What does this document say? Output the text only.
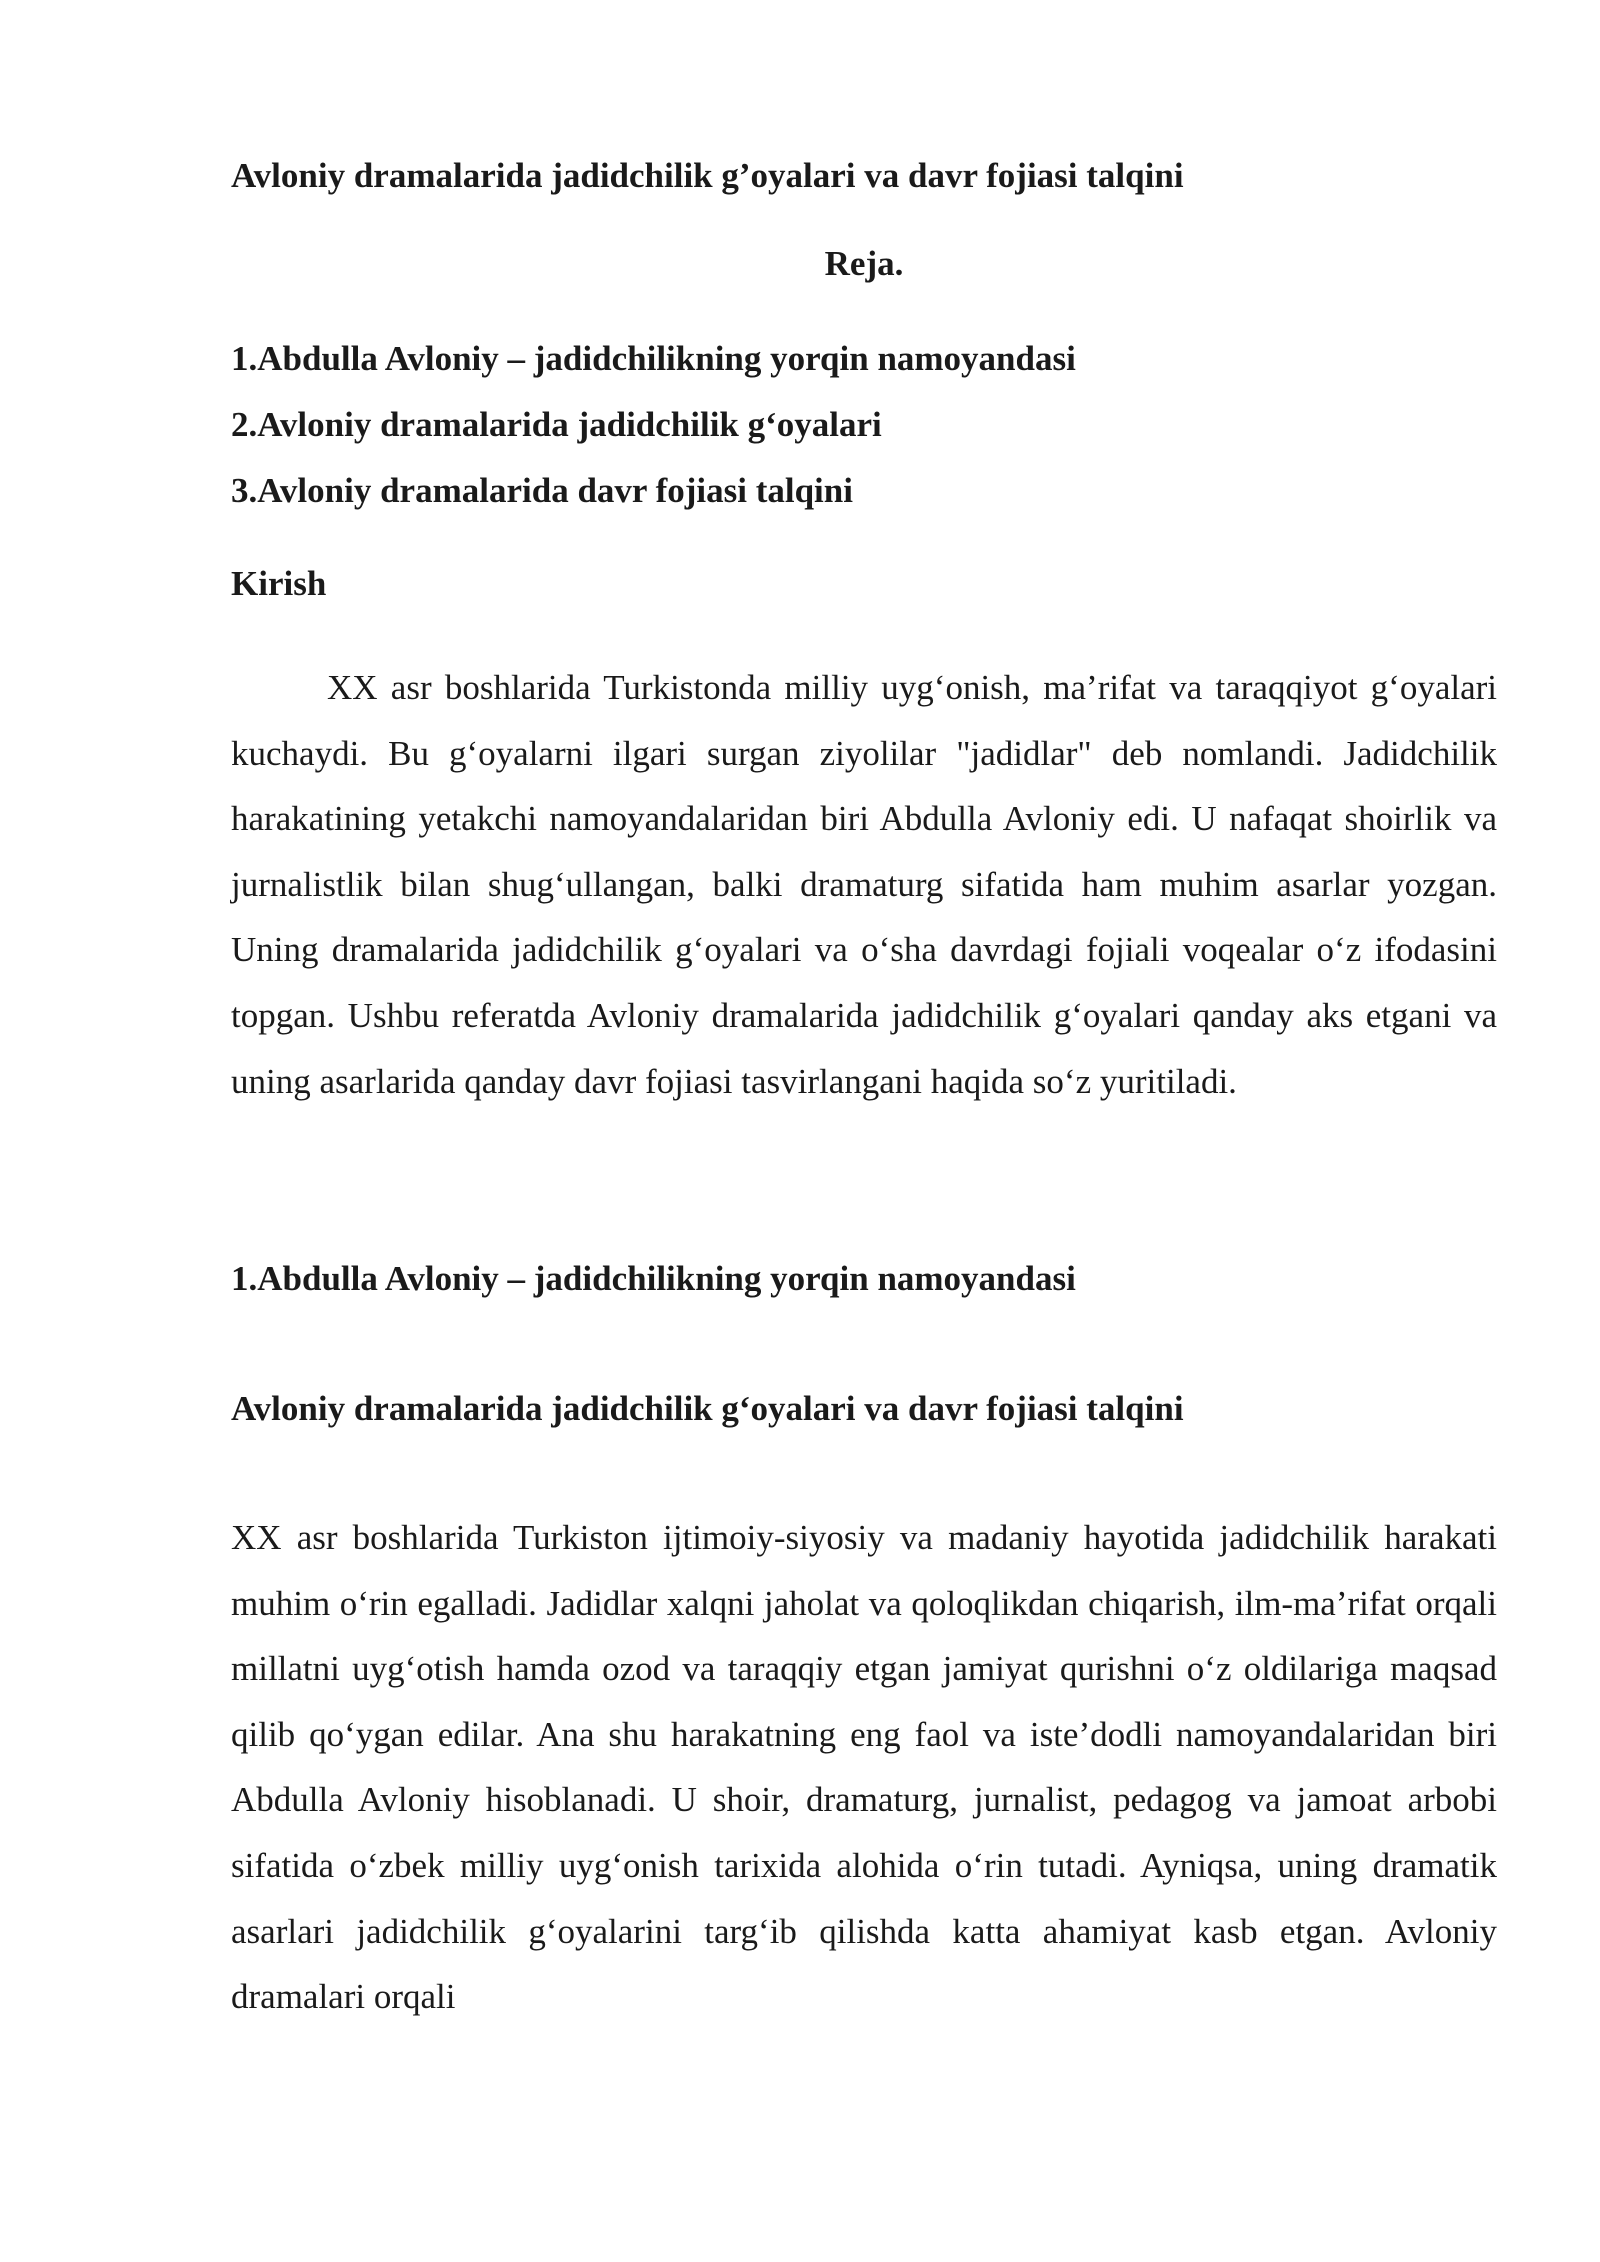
Avloniy dramalarida jadidchilik g’oyalari va davr fojiasi talqini
Reja.
1.Abdulla Avloniy – jadidchilikning yorqin namoyandasi
2.Avloniy dramalarida jadidchilik g‘oyalari
3.Avloniy dramalarida davr fojiasi talqini
Kirish

XX asr boshlarida Turkistonda milliy uyg‘onish, ma’rifat va taraqqiyot g‘oyalari kuchaydi. Bu g‘oyalarni ilgari surgan ziyolilar "jadidlar" deb nomlandi. Jadidchilik harakatining yetakchi namoyandalaridan biri Abdulla Avloniy edi. U nafaqat shoirlik va jurnalistlik bilan shug‘ullangan, balki dramaturg sifatida ham muhim asarlar yozgan. Uning dramalarida jadidchilik g‘oyalari va o‘sha davrdagi fojiali voqealar o‘z ifodasini topgan. Ushbu referatda Avloniy dramalarida jadidchilik g‘oyalari qanday aks etgani va uning asarlarida qanday davr fojiasi tasvirlangani haqida so‘z yuritiladi.

1.Abdulla Avloniy – jadidchilikning yorqin namoyandasi
Avloniy dramalarida jadidchilik g‘oyalari va davr fojiasi talqini

XX asr boshlarida Turkiston ijtimoiy-siyosiy va madaniy hayotida jadidchilik harakati muhim o‘rin egalladi. Jadidlar xalqni jaholat va qoloqlikdan chiqarish, ilm-ma’rifat orqali millatni uyg‘otish hamda ozod va taraqqiy etgan jamiyat qurishni o‘z oldilariga maqsad qilib qo‘ygan edilar. Ana shu harakatning eng faol va iste’dodli namoyandalaridan biri Abdulla Avloniy hisoblanadi. U shoir, dramaturg, jurnalist, pedagog va jamoat arbobi sifatida o‘zbek milliy uyg‘onish tarixida alohida o‘rin tutadi. Ayniqsa, uning dramatik asarlari jadidchilik g‘oyalarini targ‘ib qilishda katta ahamiyat kasb etgan. Avloniy dramalari orqali
